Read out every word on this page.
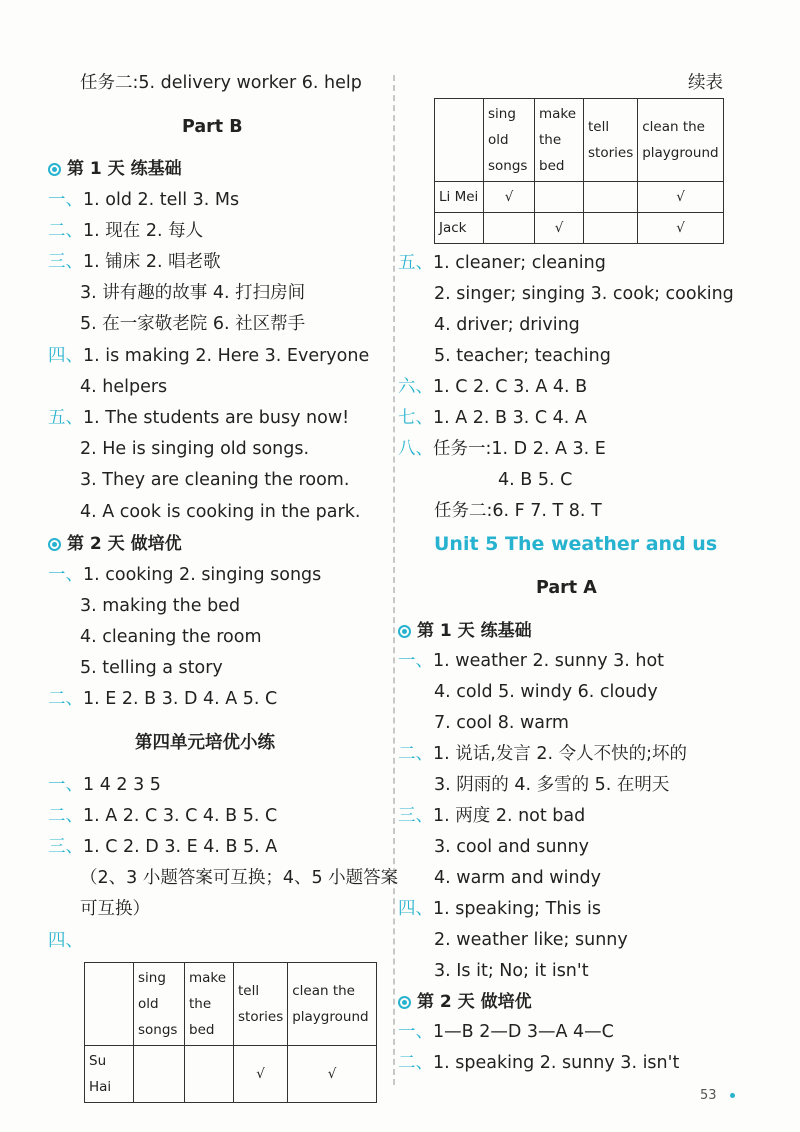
任务二:5. delivery worker 6. help
Part B
第 1 天 练基础
一、1. old 2. tell 3. Ms
二、1. 现在 2. 每人
三、1. 铺床 2. 唱老歌
3. 讲有趣的故事 4. 打扫房间
5. 在一家敬老院 6. 社区帮手
四、1. is making 2. Here 3. Everyone
4. helpers
五、1. The students are busy now!
2. He is singing old songs.
3. They are cleaning the room.
4. A cook is cooking in the park.
第 2 天 做培优
一、1. cooking 2. singing songs
3. making the bed
4. cleaning the room
5. telling a story
二、1. E 2. B 3. D 4. A 5. C
第四单元培优小练
一、1 4 2 3 5
二、1. A 2. C 3. C 4. B 5. C
三、1. C 2. D 3. E 4. B 5. A
（2、3 小题答案可互换；4、5 小题答案
可互换）
四、
	sing old songs	make the bed	tell stories	clean the playground
Su Hai			√	√
续表
	sing old songs	make the bed	tell stories	clean the playground
Li Mei	√			√
Jack		√		√
五、1. cleaner; cleaning
2. singer; singing 3. cook; cooking
4. driver; driving
5. teacher; teaching
六、1. C 2. C 3. A 4. B
七、1. A 2. B 3. C 4. A
八、任务一:1. D 2. A 3. E
4. B 5. C
任务二:6. F 7. T 8. T
Unit 5 The weather and us
Part A
第 1 天 练基础
一、1. weather 2. sunny 3. hot
4. cold 5. windy 6. cloudy
7. cool 8. warm
二、1. 说话,发言 2. 令人不快的;坏的
3. 阴雨的 4. 多雪的 5. 在明天
三、1. 两度 2. not bad
3. cool and sunny
4. warm and windy
四、1. speaking; This is
2. weather like; sunny
3. Is it; No; it isn't
第 2 天 做培优
一、1—B 2—D 3—A 4—C
二、1. speaking 2. sunny 3. isn't
53
